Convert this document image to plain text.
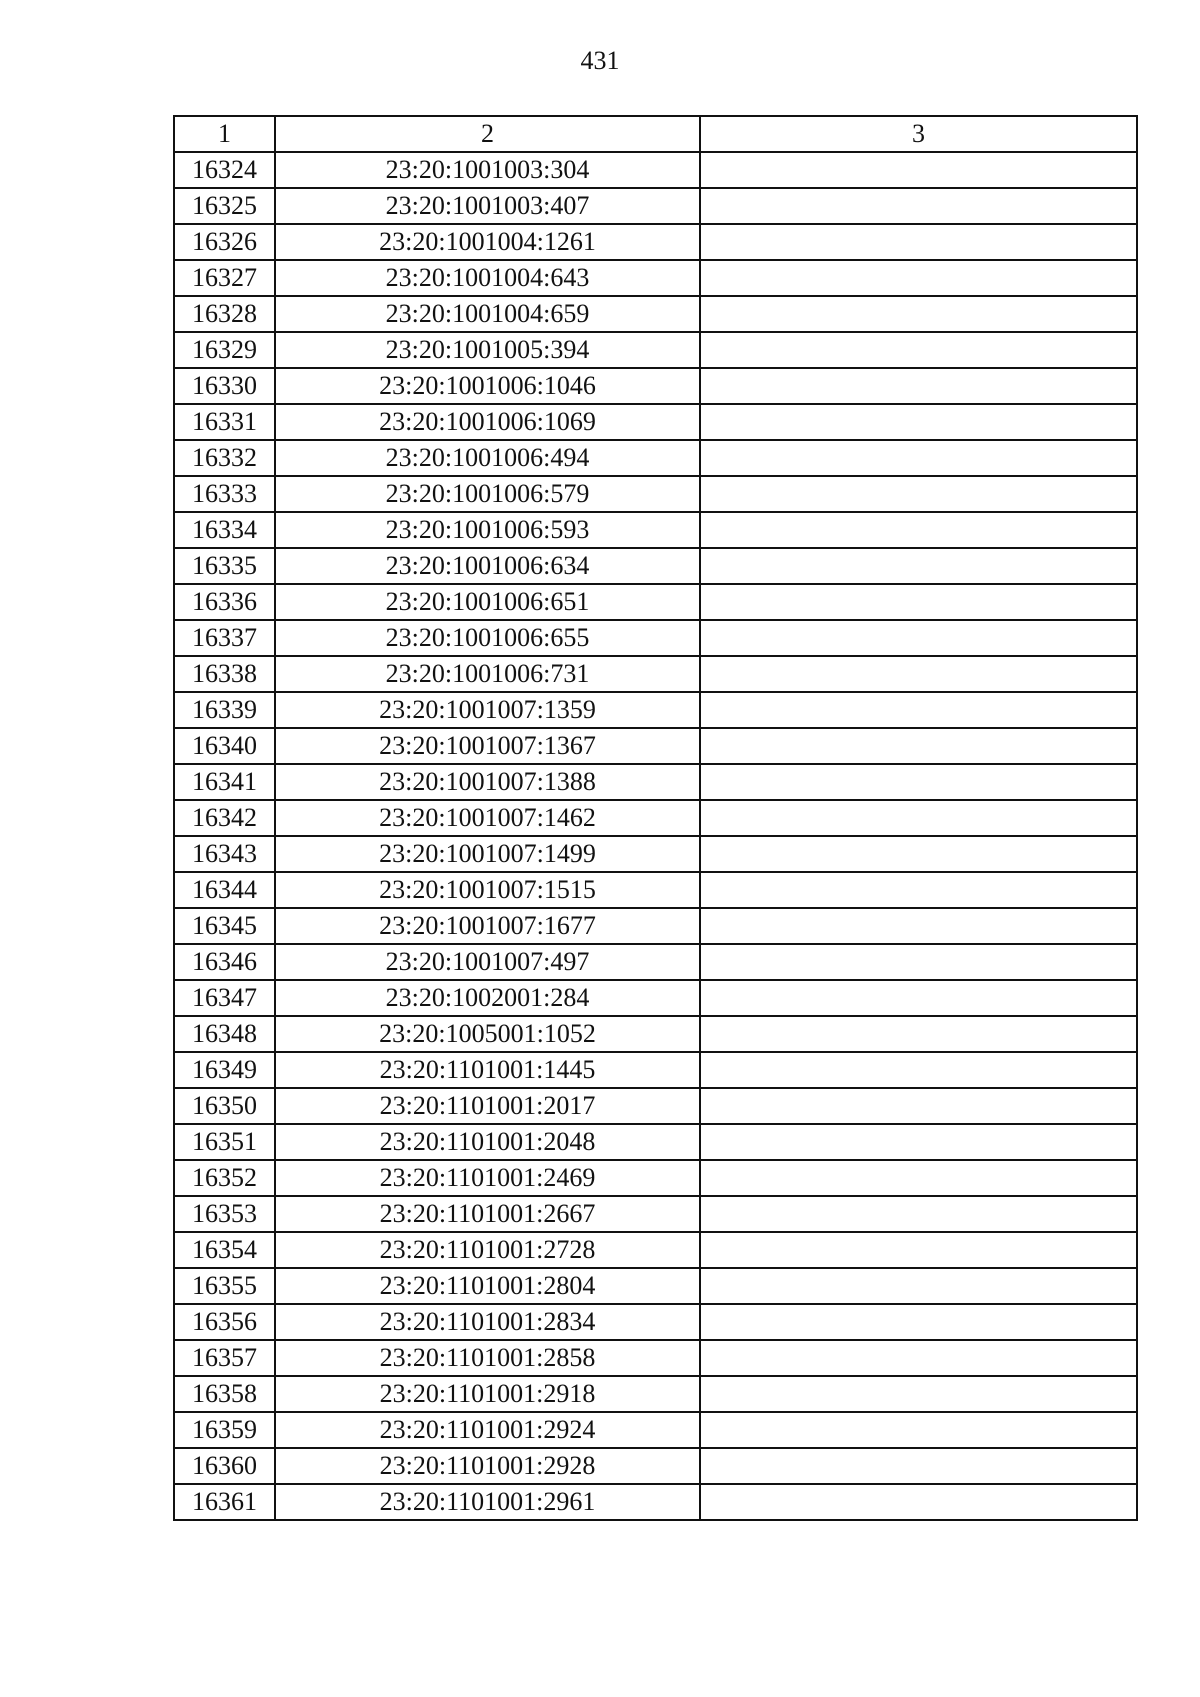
431
1	2	3
16324	23:20:1001003:304	
16325	23:20:1001003:407	
16326	23:20:1001004:1261	
16327	23:20:1001004:643	
16328	23:20:1001004:659	
16329	23:20:1001005:394	
16330	23:20:1001006:1046	
16331	23:20:1001006:1069	
16332	23:20:1001006:494	
16333	23:20:1001006:579	
16334	23:20:1001006:593	
16335	23:20:1001006:634	
16336	23:20:1001006:651	
16337	23:20:1001006:655	
16338	23:20:1001006:731	
16339	23:20:1001007:1359	
16340	23:20:1001007:1367	
16341	23:20:1001007:1388	
16342	23:20:1001007:1462	
16343	23:20:1001007:1499	
16344	23:20:1001007:1515	
16345	23:20:1001007:1677	
16346	23:20:1001007:497	
16347	23:20:1002001:284	
16348	23:20:1005001:1052	
16349	23:20:1101001:1445	
16350	23:20:1101001:2017	
16351	23:20:1101001:2048	
16352	23:20:1101001:2469	
16353	23:20:1101001:2667	
16354	23:20:1101001:2728	
16355	23:20:1101001:2804	
16356	23:20:1101001:2834	
16357	23:20:1101001:2858	
16358	23:20:1101001:2918	
16359	23:20:1101001:2924	
16360	23:20:1101001:2928	
16361	23:20:1101001:2961	
